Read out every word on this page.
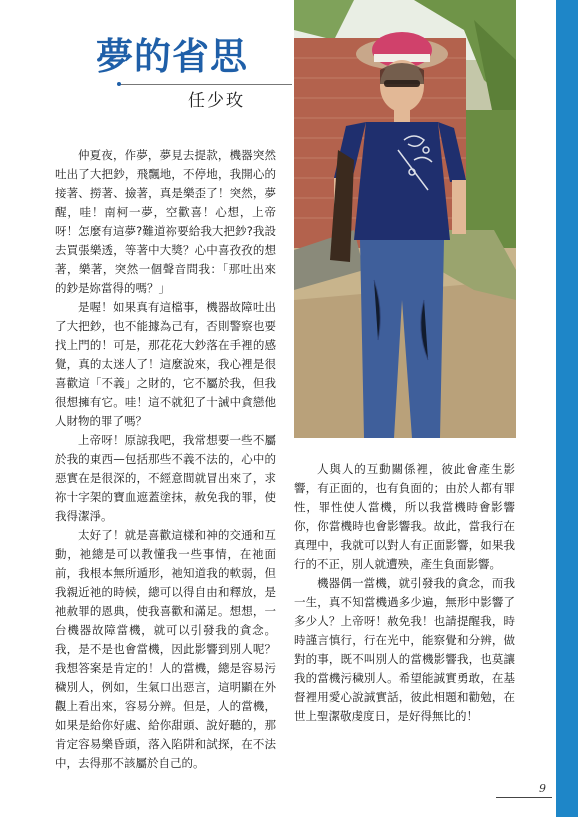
夢的省思
任少玫

仲夏夜，作夢，夢見去提款，機器突然吐出了大把鈔，飛飄地，不停地，我開心的接著、撈著、撿著，真是樂歪了！突然，夢醒，哇！南柯一夢，空歡喜！心想，上帝呀！怎麼有這夢?難道祢要給我大把鈔?我設去買張樂透，等著中大獎？心中喜孜孜的想著，樂著，突然一個聲音問我：「那吐出來的鈔是妳當得的嗎？」

是喔！如果真有這檔事，機器故障吐出了大把鈔，也不能據為己有，否則警察也要找上門的！可是，那花花大鈔落在手裡的感覺，真的太迷人了！這麼說來，我心裡是很喜歡這「不義」之財的，它不屬於我，但我很想擁有它。哇！這不就犯了十誡中貪戀他人財物的罪了嗎？

上帝呀！原諒我吧，我常想要一些不屬於我的東西—包括那些不義不法的，心中的惡實在是很深的，不經意間就冒出來了，求祢十字架的寶血遮蓋塗抹，赦免我的罪，使我得潔淨。

太好了！就是喜歡這樣和神的交通和互動，祂總是可以教懂我一些事情，在祂面前，我根本無所遁形，祂知道我的軟弱，但我親近祂的時候，總可以得自由和釋放，是祂赦罪的恩典，使我喜歡和滿足。想想，一台機器故障當機，就可以引發我的貪念。我，是不是也會當機，因此影響到別人呢？我想答案是肯定的！人的當機，總是容易污穢別人，例如，生氣口出惡言，這明顯在外觀上看出來，容易分辨。但是，人的當機，如果是給你好處、給你甜頭、說好聽的，那肯定容易樂昏頭，落入陷阱和試探，在不法中，去得那不該屬於自己的。

人與人的互動關係裡，彼此會產生影響，有正面的，也有負面的；由於人都有罪性，罪性使人當機，所以我當機時會影響你，你當機時也會影響我。故此，當我行在真理中，我就可以對人有正面影響，如果我行的不正，別人就遭殃，產生負面影響。

機器偶一當機，就引發我的貪念，而我一生，真不知當機過多少遍，無形中影響了多少人？上帝呀！赦免我！也請提醒我，時時謹言慎行，行在光中，能察覺和分辨，做對的事，既不叫別人的當機影響我，也莫讓我的當機污穢別人。希望能誠實勇敢，在基督裡用愛心說誠實話，彼此相題和勸勉，在世上聖潔敬虔度日，是好得無比的！

9
